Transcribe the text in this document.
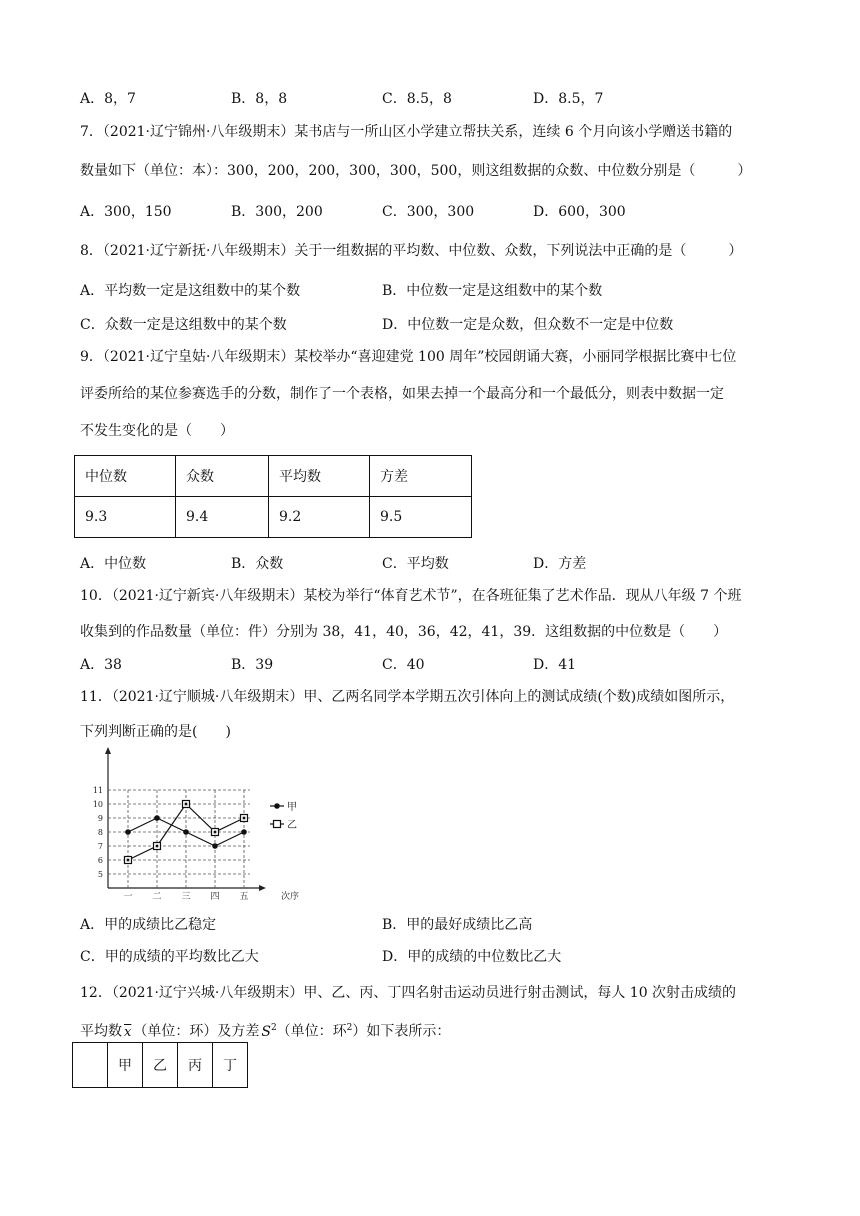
A．8，7	B．8，8	C．8.5，8	D．8.5，7
7．（2021·辽宁锦州·八年级期末）某书店与一所山区小学建立帮扶关系，连续 6 个月向该小学赠送书籍的
数量如下（单位：本）：300，200，200，300，300，500，则这组数据的众数、中位数分别是（　　　）
A．300，150	B．300，200	C．300，300	D．600，300
8．（2021·辽宁新抚·八年级期末）关于一组数据的平均数、中位数、众数，下列说法中正确的是（　　　）
A．平均数一定是这组数中的某个数	B．中位数一定是这组数中的某个数
C．众数一定是这组数中的某个数	D．中位数一定是众数，但众数不一定是中位数
9．（2021·辽宁皇姑·八年级期末）某校举办“喜迎建党 100 周年”校园朗诵大赛，小丽同学根据比赛中七位
评委所给的某位参赛选手的分数，制作了一个表格，如果去掉一个最高分和一个最低分，则表中数据一定
不发生变化的是（　　）
中位数	众数	平均数	方差
9.3	9.4	9.2	9.5
A．中位数	B．众数	C．平均数	D．方差
10．（2021·辽宁新宾·八年级期末）某校为举行“体育艺术节”，在各班征集了艺术作品．现从八年级 7 个班
收集到的作品数量（单位：件）分别为 38，41，40，36，42，41，39．这组数据的中位数是（　　）
A．38	B．39	C．40	D．41
11．（2021·辽宁顺城·八年级期末）甲、乙两名同学本学期五次引体向上的测试成绩(个数)成绩如图所示，
下列判断正确的是(　　)
5
6
7
8
9
10
11
一 二 三 四 五	次序
甲
乙
A．甲的成绩比乙稳定	B．甲的最好成绩比乙高
C．甲的成绩的平均数比乙大	D．甲的成绩的中位数比乙大
12．（2021·辽宁兴城·八年级期末）甲、乙、丙、丁四名射击运动员进行射击测试，每人 10 次射击成绩的
平均数 $\overline{x}$ （单位：环）及方差 $S^2$（单位：环$^2$）如下表所示：
	甲	乙	丙	丁
